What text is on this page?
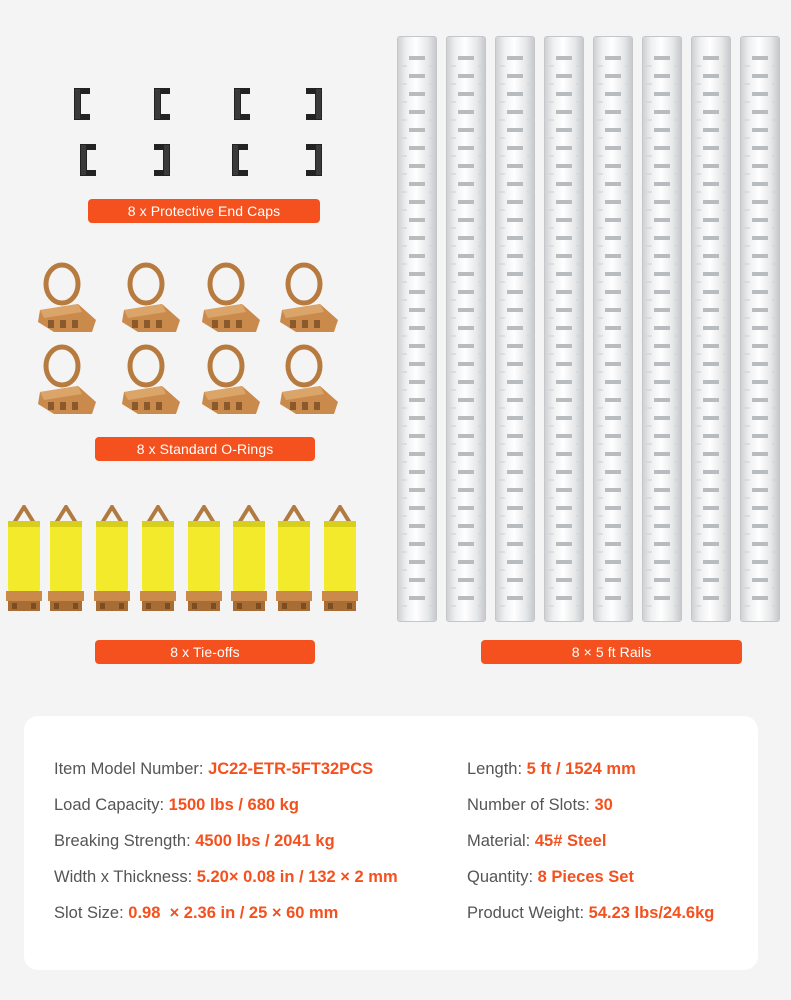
8 x Protective End Caps
8 x Standard O-Rings
8 x Tie-offs	8 × 5 ft Rails
Item Model Number: JC22-ETR-5FT32PCS
Load Capacity: 1500 lbs / 680 kg
Breaking Strength: 4500 lbs / 2041 kg
Width x Thickness: 5.20× 0.08 in / 132 × 2 mm
Slot Size: 0.98  × 2.36 in / 25 × 60 mm
Length: 5 ft / 1524 mm
Number of Slots: 30
Material: 45# Steel
Quantity: 8 Pieces Set
Product Weight: 54.23 lbs/24.6kg
